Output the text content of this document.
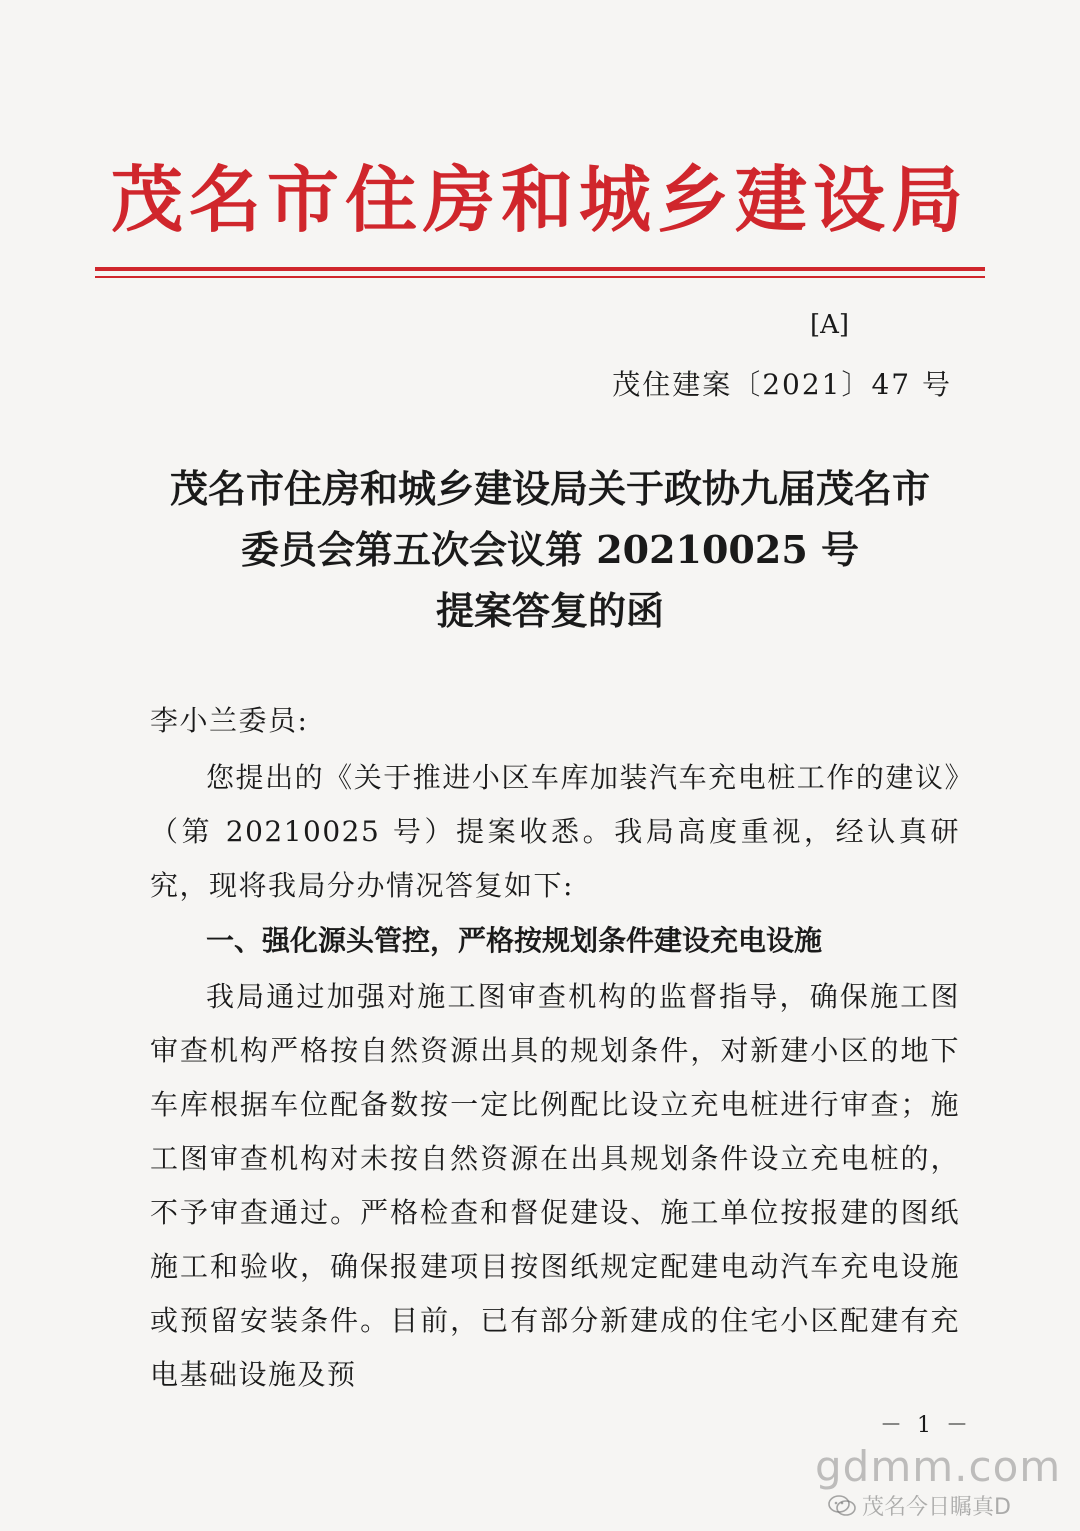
茂名市住房和城乡建设局
[A]
茂住建案〔2021〕47 号
茂名市住房和城乡建设局关于政协九届茂名市
委员会第五次会议第 20210025 号
提案答复的函
李小兰委员:
您提出的《关于推进小区车库加装汽车充电桩工作的建议》（第 20210025 号）提案收悉。我局高度重视，经认真研究，现将我局分办情况答复如下:
一、强化源头管控，严格按规划条件建设充电设施
我局通过加强对施工图审查机构的监督指导，确保施工图审查机构严格按自然资源出具的规划条件，对新建小区的地下车库根据车位配备数按一定比例配比设立充电桩进行审查；施工图审查机构对未按自然资源在出具规划条件设立充电桩的，不予审查通过。严格检查和督促建设、施工单位按报建的图纸施工和验收，确保报建项目按图纸规定配建电动汽车充电设施或预留安装条件。目前，已有部分新建成的住宅小区配建有充电基础设施及预
－ 1 －
gdmm.com
茂名今日瞩真D
